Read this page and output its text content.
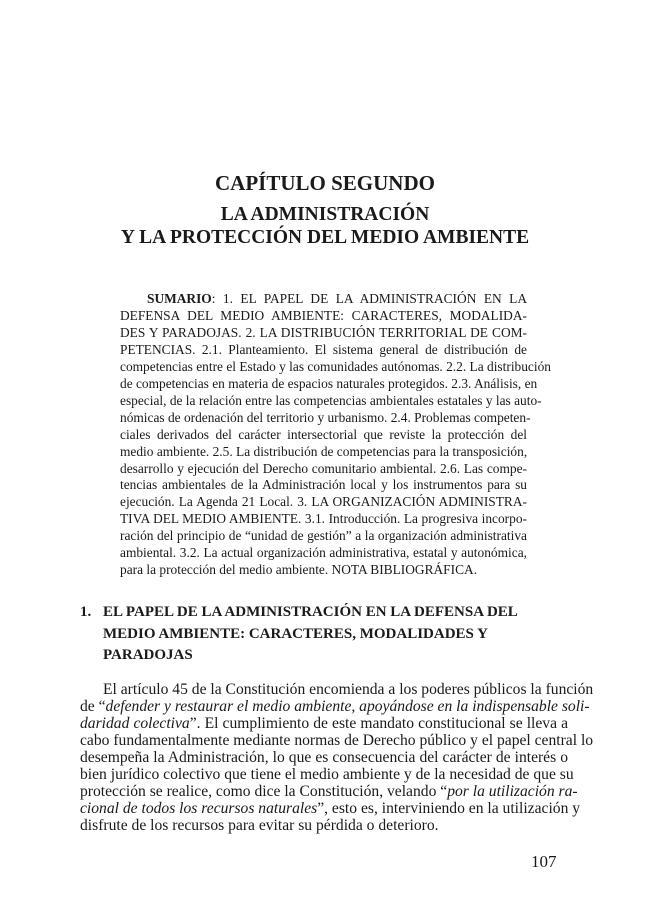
CAPÍTULO SEGUNDO
LA ADMINISTRACIÓN
Y LA PROTECCIÓN DEL MEDIO AMBIENTE
SUMARIO: 1. EL PAPEL DE LA ADMINISTRACIÓN EN LA
DEFENSA DEL MEDIO AMBIENTE: CARACTERES, MODALIDA-
DES Y PARADOJAS. 2. LA DISTRIBUCIÓN TERRITORIAL DE COM-
PETENCIAS. 2.1. Planteamiento. El sistema general de distribución de
competencias entre el Estado y las comunidades autónomas. 2.2. La distribución
de competencias en materia de espacios naturales protegidos. 2.3. Análisis, en
especial, de la relación entre las competencias ambientales estatales y las auto-
nómicas de ordenación del territorio y urbanismo. 2.4. Problemas competen-
ciales derivados del carácter intersectorial que reviste la protección del
medio ambiente. 2.5. La distribución de competencias para la transposición,
desarrollo y ejecución del Derecho comunitario ambiental. 2.6. Las compe-
tencias ambientales de la Administración local y los instrumentos para su
ejecución. La Agenda 21 Local. 3. LA ORGANIZACIÓN ADMINISTRA-
TIVA DEL MEDIO AMBIENTE. 3.1. Introducción. La progresiva incorpo-
ración del principio de “unidad de gestión” a la organización administrativa
ambiental. 3.2. La actual organización administrativa, estatal y autonómica,
para la protección del medio ambiente. NOTA BIBLIOGRÁFICA.
1. EL PAPEL DE LA ADMINISTRACIÓN EN LA DEFENSA DEL
MEDIO AMBIENTE: CARACTERES, MODALIDADES Y
PARADOJAS
El artículo 45 de la Constitución encomienda a los poderes públicos la función
de “defender y restaurar el medio ambiente, apoyándose en la indispensable soli-
daridad colectiva”. El cumplimiento de este mandato constitucional se lleva a
cabo fundamentalmente mediante normas de Derecho público y el papel central lo
desempeña la Administración, lo que es consecuencia del carácter de interés o
bien jurídico colectivo que tiene el medio ambiente y de la necesidad de que su
protección se realice, como dice la Constitución, velando “por la utilización ra-
cional de todos los recursos naturales”, esto es, interviniendo en la utilización y
disfrute de los recursos para evitar su pérdida o deterioro.
107
